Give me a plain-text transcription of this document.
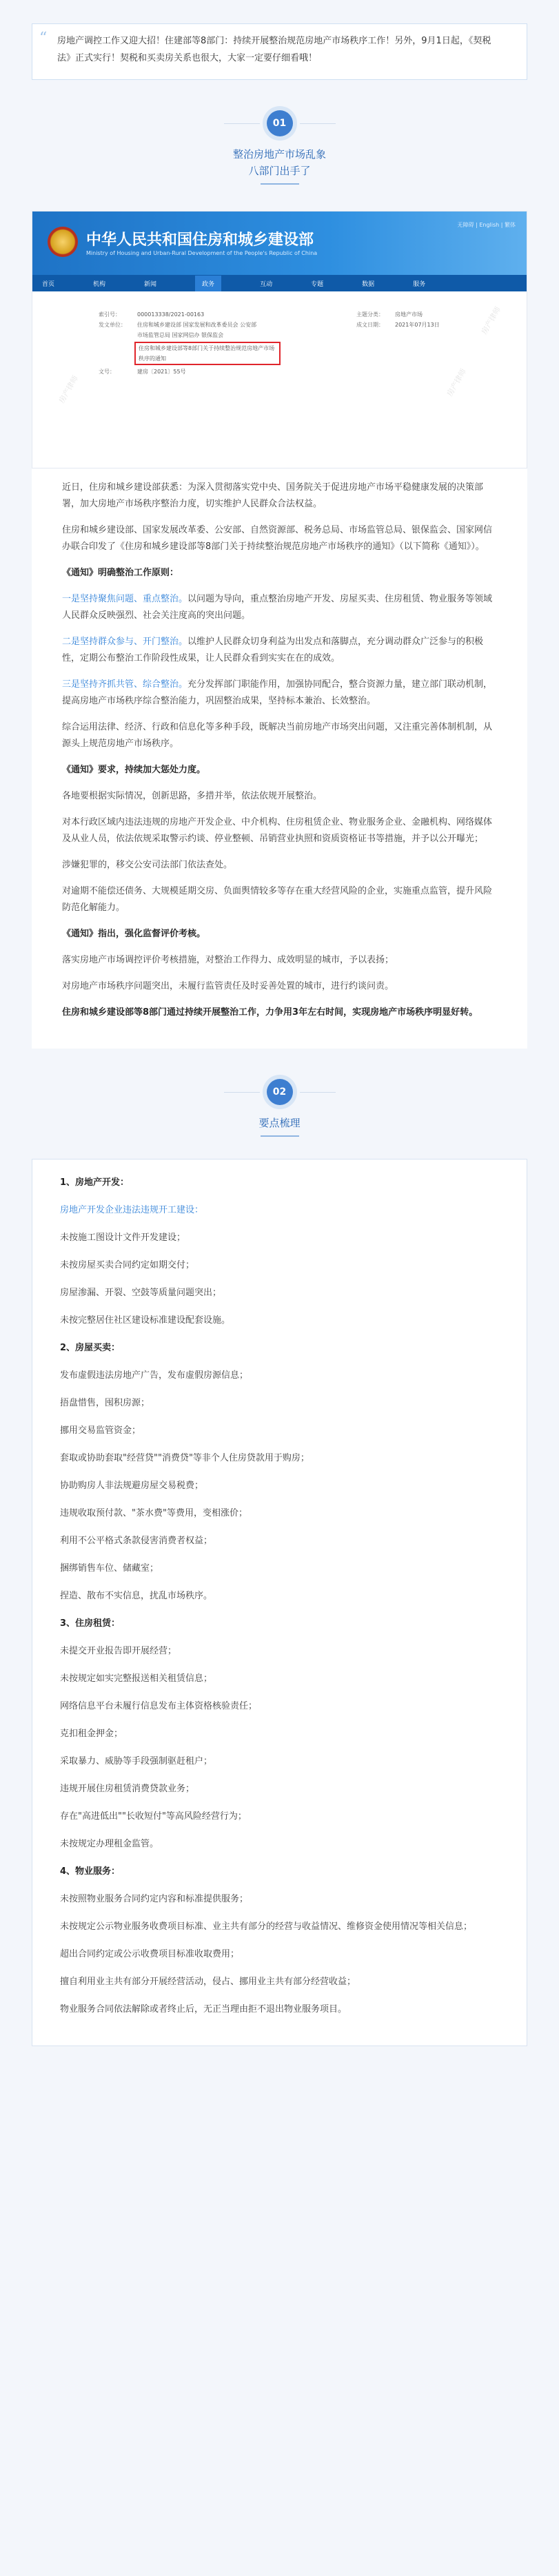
“ 房地产调控工作又迎大招！住建部等8部门：持续开展整治规范房地产市场秩序工作！另外，9月1日起，《契税法》正式实行！契税和买卖房关系也很大，大家一定要仔细看哦！
01
整治房地产市场乱象
八部门出手了
中华人民共和国住房和城乡建设部
Ministry of Housing and Urban-Rural Development of the People's Republic of China
无障碍 | English | 繁体
首页	机构	新闻	政务	互动	专题	数据	服务
索引号：	000013338/2021-00163
发文单位：	住房和城乡建设部 国家发展和改革委员会 公安部
市场监管总局 国家网信办 银保监会
住房和城乡建设部等8部门关于持续整治规范房地产市场秩序的通知
文号：	建房〔2021〕55号
主题分类：	房地产市场
成文日期：	2021年07月13日	房产律师
房产律师
房产律师

近日，住房和城乡建设部获悉：为深入贯彻落实党中央、国务院关于促进房地产市场平稳健康发展的决策部署，加大房地产市场秩序整治力度，切实维护人民群众合法权益。

住房和城乡建设部、国家发展改革委、公安部、自然资源部、税务总局、市场监管总局、银保监会、国家网信办联合印发了《住房和城乡建设部等8部门关于持续整治规范房地产市场秩序的通知》（以下简称《通知》）。

《通知》明确整治工作原则：

一是坚持聚焦问题、重点整治。以问题为导向，重点整治房地产开发、房屋买卖、住房租赁、物业服务等领域人民群众反映强烈、社会关注度高的突出问题。

二是坚持群众参与、开门整治。以维护人民群众切身利益为出发点和落脚点，充分调动群众广泛参与的积极性，定期公布整治工作阶段性成果，让人民群众看到实实在在的成效。

三是坚持齐抓共管、综合整治。充分发挥部门职能作用，加强协同配合，整合资源力量，建立部门联动机制，提高房地产市场秩序综合整治能力，巩固整治成果，坚持标本兼治、长效整治。

综合运用法律、经济、行政和信息化等多种手段，既解决当前房地产市场突出问题，又注重完善体制机制，从源头上规范房地产市场秩序。

《通知》要求，持续加大惩处力度。

各地要根据实际情况，创新思路，多措并举，依法依规开展整治。

对本行政区域内违法违规的房地产开发企业、中介机构、住房租赁企业、物业服务企业、金融机构、网络媒体及从业人员，依法依规采取警示约谈、停业整顿、吊销营业执照和资质资格证书等措施，并予以公开曝光；

涉嫌犯罪的，移交公安司法部门依法查处。

对逾期不能偿还债务、大规模延期交房、负面舆情较多等存在重大经营风险的企业，实施重点监管，提升风险防范化解能力。

《通知》指出，强化监督评价考核。

落实房地产市场调控评价考核措施，对整治工作得力、成效明显的城市，予以表扬；

对房地产市场秩序问题突出，未履行监管责任及时妥善处置的城市，进行约谈问责。

住房和城乡建设部等8部门通过持续开展整治工作，力争用3年左右时间，实现房地产市场秩序明显好转。

02
要点梳理
1、房地产开发：
房地产开发企业违法违规开工建设：
未按施工图设计文件开发建设；
未按房屋买卖合同约定如期交付；
房屋渗漏、开裂、空鼓等质量问题突出；
未按完整居住社区建设标准建设配套设施。
2、房屋买卖：
发布虚假违法房地产广告，发布虚假房源信息；
捂盘惜售，囤积房源；
挪用交易监管资金；
套取或协助套取"经营贷""消费贷"等非个人住房贷款用于购房；
协助购房人非法规避房屋交易税费；
违规收取预付款、"茶水费"等费用，变相涨价；
利用不公平格式条款侵害消费者权益；
捆绑销售车位、储藏室；
捏造、散布不实信息，扰乱市场秩序。
3、住房租赁：
未提交开业报告即开展经营；
未按规定如实完整报送相关租赁信息；
网络信息平台未履行信息发布主体资格核验责任；
克扣租金押金；
采取暴力、威胁等手段强制驱赶租户；
违规开展住房租赁消费贷款业务；
存在"高进低出""长收短付"等高风险经营行为；
未按规定办理租金监管。
4、物业服务：
未按照物业服务合同约定内容和标准提供服务；
未按规定公示物业服务收费项目标准、业主共有部分的经营与收益情况、维修资金使用情况等相关信息；
超出合同约定或公示收费项目标准收取费用；
擅自利用业主共有部分开展经营活动，侵占、挪用业主共有部分经营收益；
物业服务合同依法解除或者终止后，无正当理由拒不退出物业服务项目。
